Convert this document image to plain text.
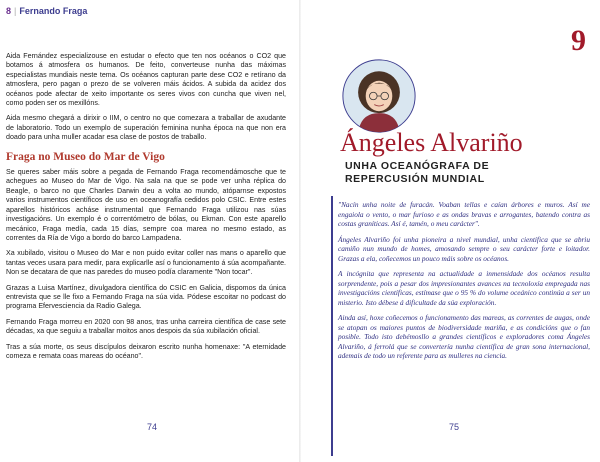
8 | Fernando Fraga

Aida Fernández especializouse en estudar o efecto que ten nos océanos o CO2 que botamos á atmosfera os humanos. De feito, converteuse nunha das máximas especialistas mundiais neste tema. Os océanos capturan parte dese CO2 e retírano da atmosfera, pero pagan o prezo de se volveren máis ácidos. A subida da acidez dos océanos pode afectar de xeito importante os seres vivos con cuncha que viven nel, como poden ser os mexillóns.

Aida mesmo chegará a dirixir o IIM, o centro no que comezara a traballar de axudante de laboratorio. Todo un exemplo de superación feminina nunha época na que non era doado para unha muller acadar esa clase de postos de traballo.

Fraga no Museo do Mar de Vigo

Se queres saber máis sobre a pegada de Fernando Fraga recomendámosche que te achegues ao Museo do Mar de Vigo. Na sala na que se pode ver unha réplica do Beagle, o barco no que Charles Darwin deu a volta ao mundo, atóparnse expostos varios instrumentos científicos de uso en oceanografía cedidos polo CSIC. Entre estes aparellos históricos acháse instrumental que Fernando Fraga utilizou nas súas investigacións. Un exemplo é o correntómetro de bólas, ou Ekman. Con este aparello mecánico, Fraga medía, cada 15 días, sempre coa marea no mesmo estado, as correntes da Ría de Vigo a bordo do barco Lampadena.

Xa xubilado, visitou o Museo do Mar e non puido evitar coller nas mans o aparello que tantas veces usara para medir, para explicarlle así o funcionamento á súa acompañante. Non se decatara de que nas paredes do museo podía claramente "Non tocar".

Grazas a Luisa Martínez, divulgadora científica do CSIC en Galicia, dispomos da única entrevista que se lle fixo a Fernando Fraga na súa vida. Pódese escoitar no podcast do programa Efervesciencia da Radio Galega.

Fernando Fraga morreu en 2020 con 98 anos, tras unha carreira científica de case sete décadas, xa que seguiu a traballar moitos anos despois da súa xubilación oficial.

Tras a súa morte, os seus discípulos deixaron escrito nunha homenaxe: "A eternidade comeza e remata coas mareas do océano".

74
9
Ángeles Alvariño
UNHA OCEANÓGRAFA DE REPERCUSIÓN MUNDIAL

"Nacín unha noite de furacán. Voaban tellas e caían árbores e muros. Así me engaiola o vento, o mar furioso e as ondas bravas e arrogantes, batendo contra as costas graníticas. Así é, tamén, o meu carácter".

Ángeles Alvariño foi unha pioneira a nivel mundial, unha científica que se abriu camiño nun mundo de homes, amosando sempre o seu carácter forte e loitador. Grazas a ela, coñecemos un pouco máis sobre os océanos.

A incógnita que representa na actualidade a inmensidade dos océanos resulta sorprendente, pois a pesar dos impresionantes avances na tecnoloxía empregada nas investigacións científicas, estímase que o 95 % do volume oceánico continúa a ser un misterio. Isto débese á dificultade da súa exploración.

Ainda así, hoxe coñecemos o funcionamento das mareas, as correntes de augas, onde se atopan os maiores puntos de biodiversidade mariña, e as condicións que o fan posible. Todo isto debémosllo a grandes científicos e exploradores coma Ángeles Alvariño, á ferrolá que se convertería nunha científica de gran sona internacional, ademais de todo un referente para as mulleres na ciencia.

75
